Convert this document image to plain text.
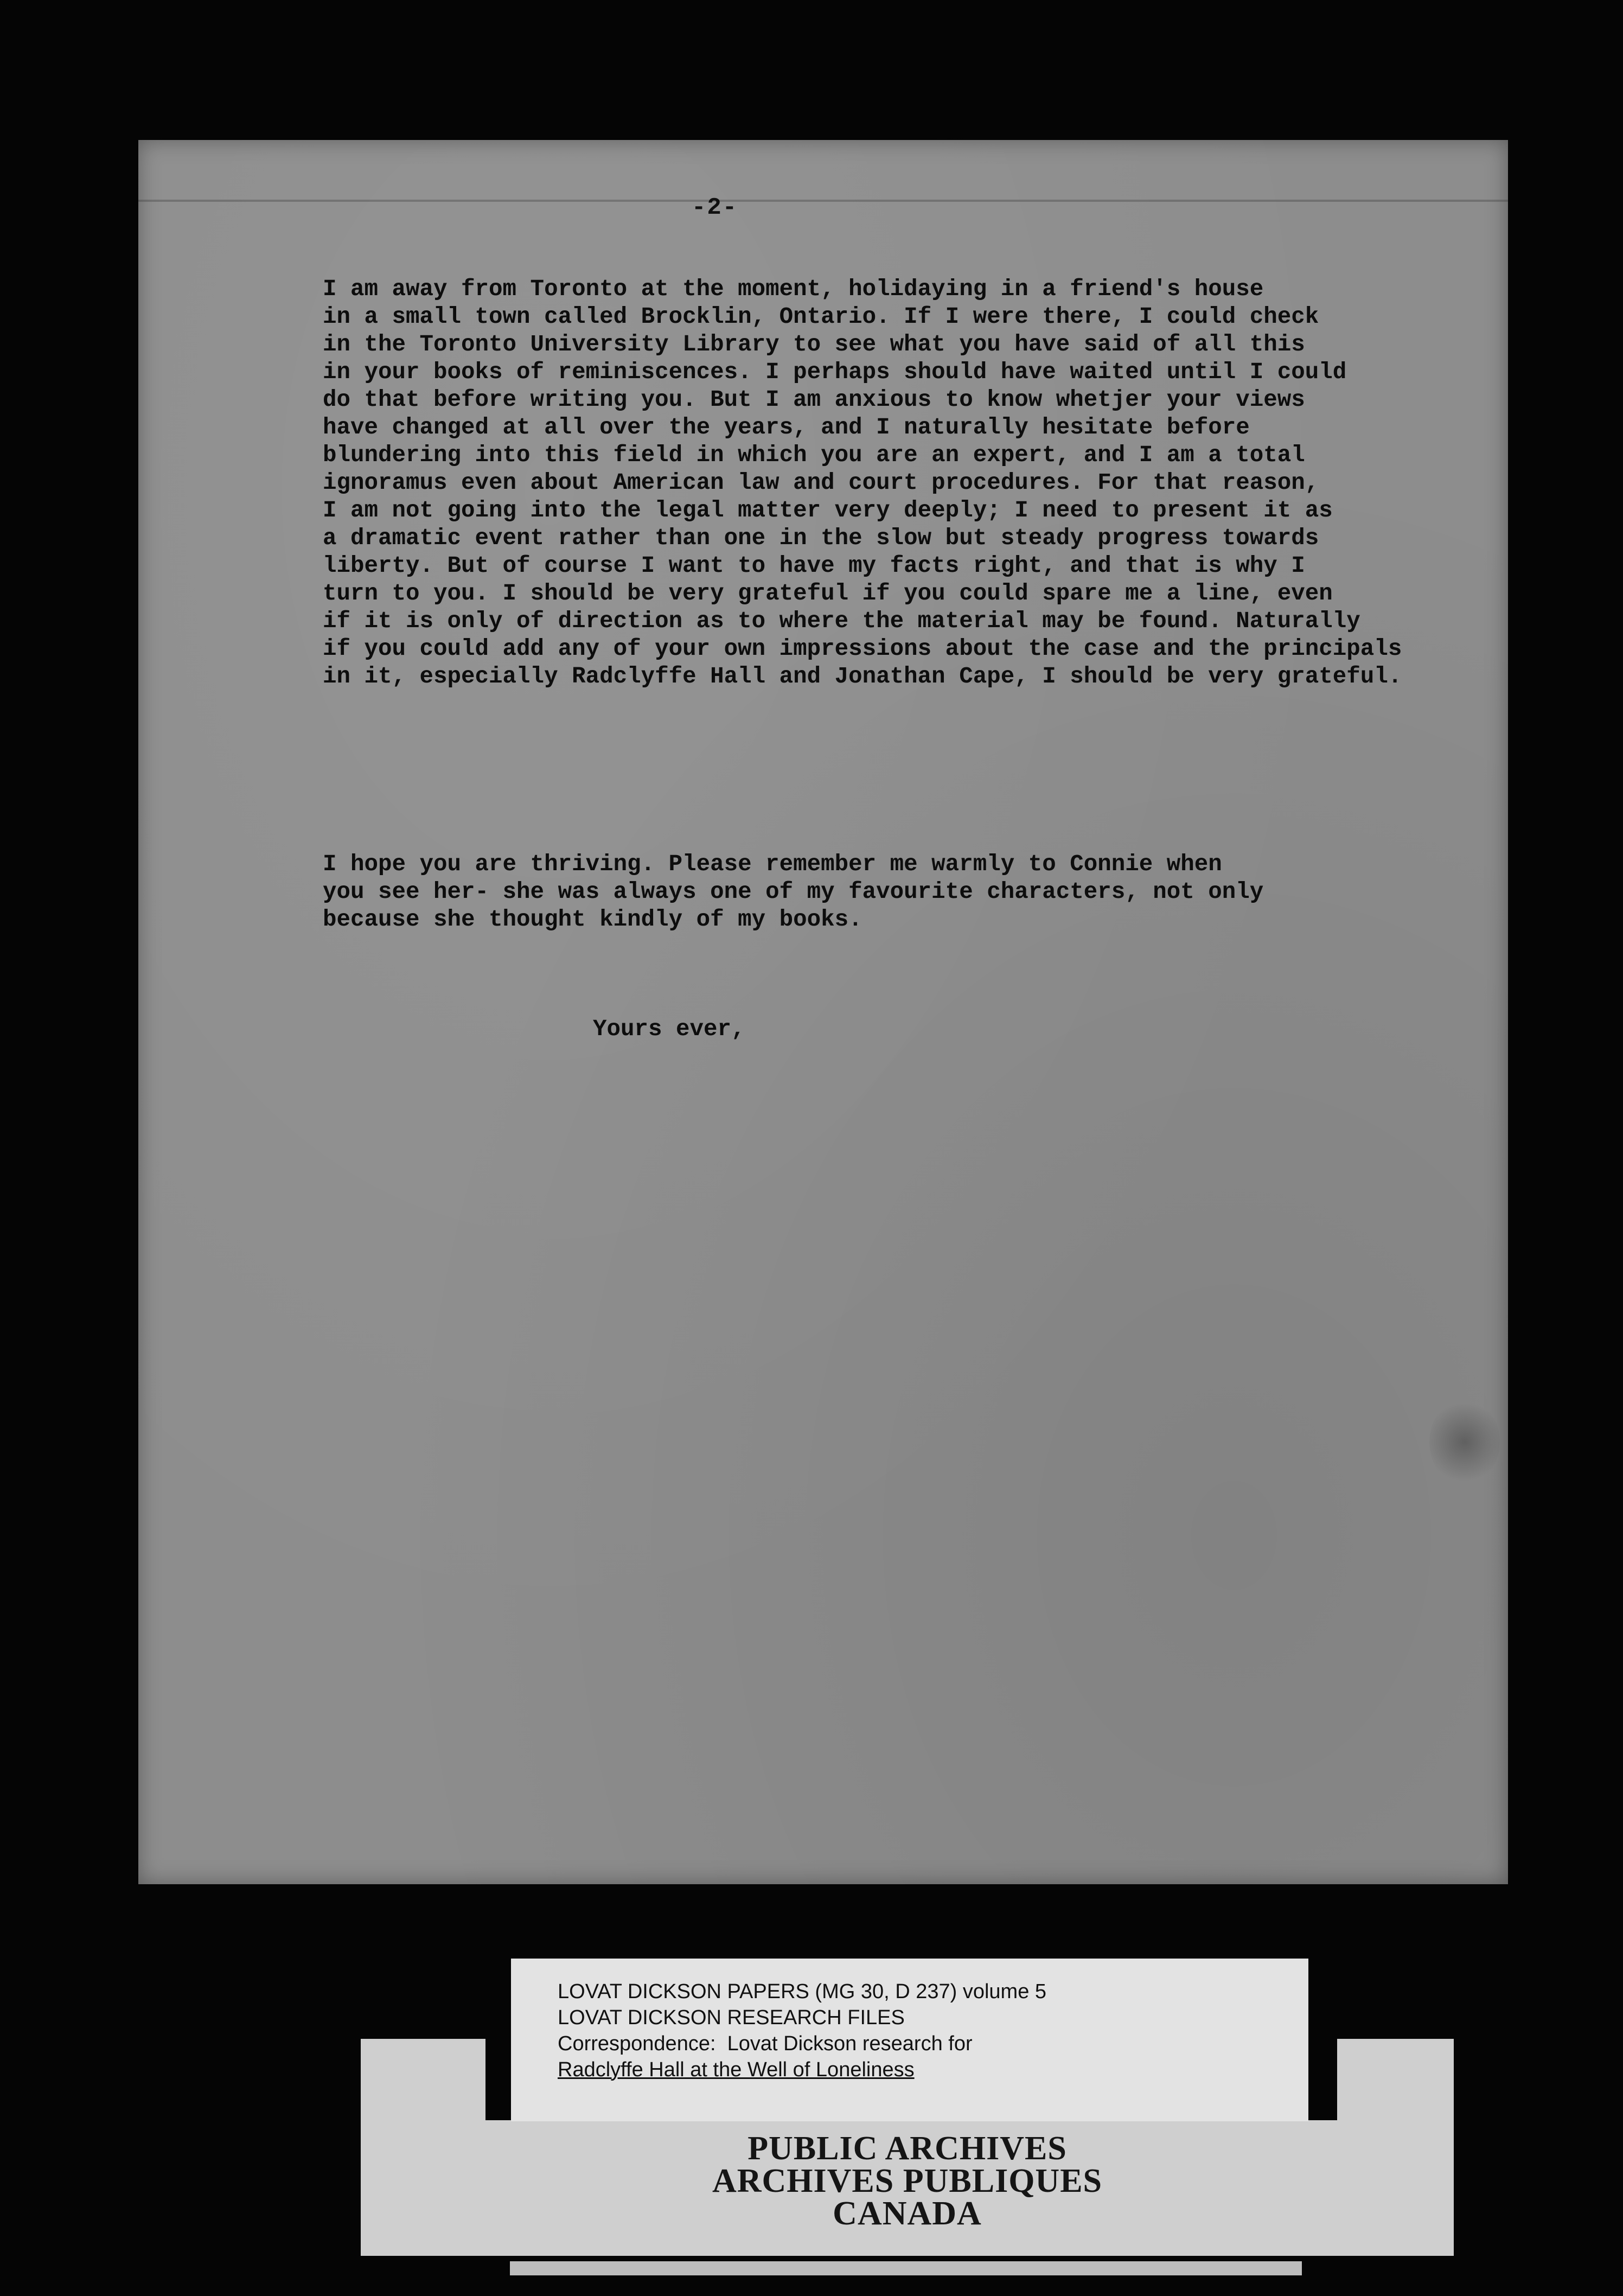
-2-
I am away from Toronto at the moment, holidaying in a friend's house
in a small town called Brocklin, Ontario. If I were there, I could check
in the Toronto University Library to see what you have said of all this
in your books of reminiscences. I perhaps should have waited until I could
do that before writing you. But I am anxious to know whetjer your views
have changed at all over the years, and I naturally hesitate before
blundering into this field in which you are an expert, and I am a total
ignoramus even about American law and court procedures. For that reason,
I am not going into the legal matter very deeply; I need to present it as
a dramatic event rather than one in the slow but steady progress towards
liberty. But of course I want to have my facts right, and that is why I
turn to you. I should be very grateful if you could spare me a line, even
if it is only of direction as to where the material may be found. Naturally
if you could add any of your own impressions about the case and the principals
in it, especially Radclyffe Hall and Jonathan Cape, I should be very grateful.
I hope you are thriving. Please remember me warmly to Connie when
you see her- she was always one of my favourite characters, not only
because she thought kindly of my books.
Yours ever,
LOVAT DICKSON PAPERS (MG 30, D 237) volume 5
LOVAT DICKSON RESEARCH FILES
Correspondence:  Lovat Dickson research for
Radclyffe Hall at the Well of Loneliness
PUBLIC ARCHIVES
ARCHIVES PUBLIQUES
CANADA
